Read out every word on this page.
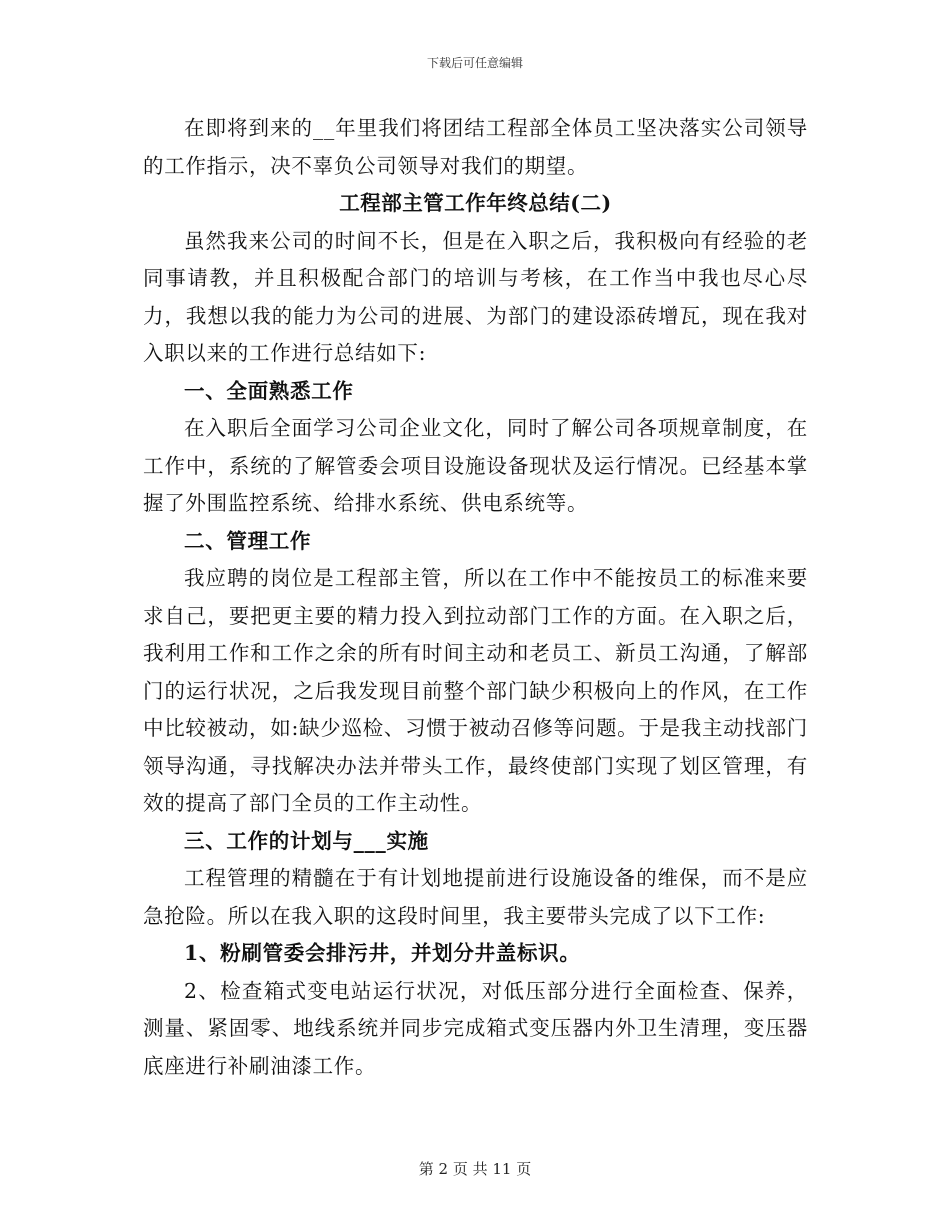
下载后可任意编辑

在即将到来的__年里我们将团结工程部全体员工坚决落实公司领导的工作指示，决不辜负公司领导对我们的期望。

工程部主管工作年终总结(二)

虽然我来公司的时间不长，但是在入职之后，我积极向有经验的老同事请教，并且积极配合部门的培训与考核，在工作当中我也尽心尽力，我想以我的能力为公司的进展、为部门的建设添砖增瓦，现在我对入职以来的工作进行总结如下:

一、全面熟悉工作

在入职后全面学习公司企业文化，同时了解公司各项规章制度，在工作中，系统的了解管委会项目设施设备现状及运行情况。已经基本掌握了外围监控系统、给排水系统、供电系统等。

二、管理工作

我应聘的岗位是工程部主管，所以在工作中不能按员工的标准来要求自己，要把更主要的精力投入到拉动部门工作的方面。在入职之后，我利用工作和工作之余的所有时间主动和老员工、新员工沟通，了解部门的运行状况，之后我发现目前整个部门缺少积极向上的作风，在工作中比较被动，如:缺少巡检、习惯于被动召修等问题。于是我主动找部门领导沟通，寻找解决办法并带头工作，最终使部门实现了划区管理，有效的提高了部门全员的工作主动性。

三、工作的计划与___实施

工程管理的精髓在于有计划地提前进行设施设备的维保，而不是应急抢险。所以在我入职的这段时间里，我主要带头完成了以下工作:

1、粉刷管委会排污井，并划分井盖标识。

2、检查箱式变电站运行状况，对低压部分进行全面检查、保养，测量、紧固零、地线系统并同步完成箱式变压器内外卫生清理，变压器底座进行补刷油漆工作。

第 2 页 共 11 页
